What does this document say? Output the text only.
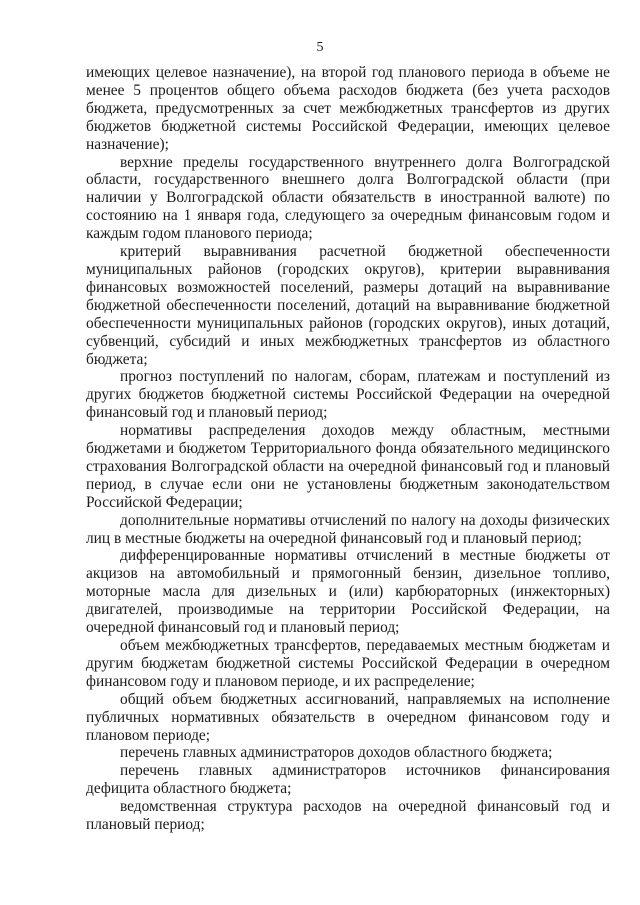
5

имеющих целевое назначение), на второй год планового периода в объеме не менее 5 процентов общего объема расходов бюджета (без учета расходов бюджета, предусмотренных за счет межбюджетных трансфертов из других бюджетов бюджетной системы Российской Федерации, имеющих целевое назначение);

верхние пределы государственного внутреннего долга Волгоградской области, государственного внешнего долга Волгоградской области (при наличии у Волгоградской области обязательств в иностранной валюте) по состоянию на 1 января года, следующего за очередным финансовым годом и каждым годом планового периода;

критерий выравнивания расчетной бюджетной обеспеченности муниципальных районов (городских округов), критерии выравнивания финансовых возможностей поселений, размеры дотаций на выравнивание бюджетной обеспеченности поселений, дотаций на выравнивание бюджетной обеспеченности муниципальных районов (городских округов), иных дотаций, субвенций, субсидий и иных межбюджетных трансфертов из областного бюджета;

прогноз поступлений по налогам, сборам, платежам и поступлений из других бюджетов бюджетной системы Российской Федерации на очередной финансовый год и плановый период;

нормативы распределения доходов между областным, местными бюджетами и бюджетом Территориального фонда обязательного медицинского страхования Волгоградской области на очередной финансовый год и плановый период, в случае если они не установлены бюджетным законодательством Российской Федерации;

дополнительные нормативы отчислений по налогу на доходы физических лиц в местные бюджеты на очередной финансовый год и плановый период;

дифференцированные нормативы отчислений в местные бюджеты от акцизов на автомобильный и прямогонный бензин, дизельное топливо, моторные масла для дизельных и (или) карбюраторных (инжекторных) двигателей, производимые на территории Российской Федерации, на очередной финансовый год и плановый период;

объем межбюджетных трансфертов, передаваемых местным бюджетам и другим бюджетам бюджетной системы Российской Федерации в очередном финансовом году и плановом периоде, и их распределение;

общий объем бюджетных ассигнований, направляемых на исполнение публичных нормативных обязательств в очередном финансовом году и плановом периоде;

перечень главных администраторов доходов областного бюджета;

перечень главных администраторов источников финансирования дефицита областного бюджета;

ведомственная структура расходов на очередной финансовый год и плановый период;
